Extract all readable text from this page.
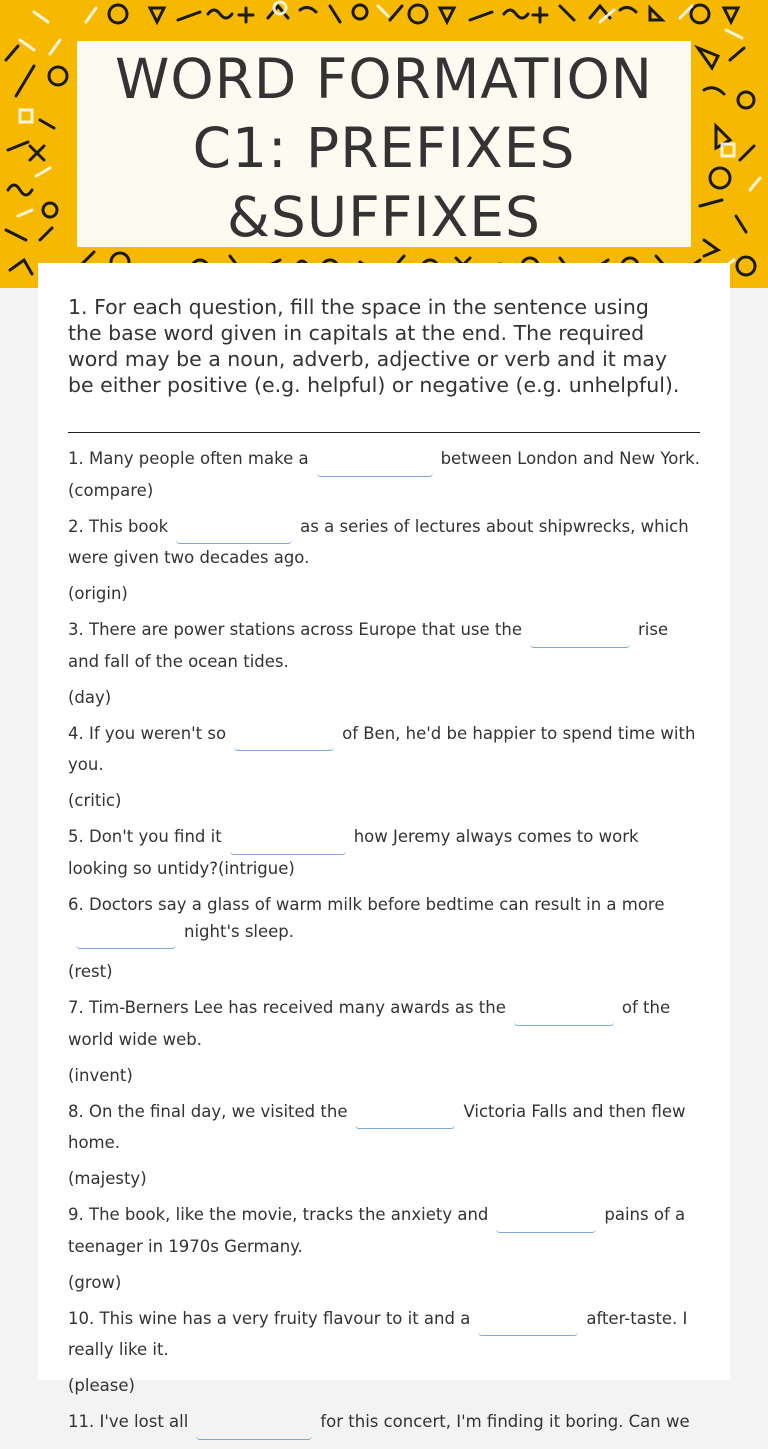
WORD FORMATION C1: PREFIXES &SUFFIXES

1. For each question, fill the space in the sentence using the base word given in capitals at the end. The required word may be a noun, adverb, adjective or verb and it may be either positive (e.g. helpful) or negative (e.g. unhelpful).

1. Many people often make a	between London and New York. (compare)
2. This book	as a series of lectures about shipwrecks, which were given two decades ago.
(origin)
3. There are power stations across Europe that use the	rise and fall of the ocean tides.
(day)
4. If you weren't so	of Ben, he'd be happier to spend time with you.
(critic)
5. Don't you find it	how Jeremy always comes to work looking so untidy?(intrigue)
6. Doctors say a glass of warm milk before bedtime can result in a morenight's sleep.
(rest)
7. Tim-Berners Lee has received many awards as the	of the world wide web.
(invent)
8. On the final day, we visited the	Victoria Falls and then flew home.
(majesty)
9. The book, like the movie, tracks the anxiety and	pains of a teenager in 1970s Germany.
(grow)
10. This wine has a very fruity flavour to it and a	after-taste. I really like it.
(please)
11. I've lost all	for this concert, I'm finding it boring. Can we
